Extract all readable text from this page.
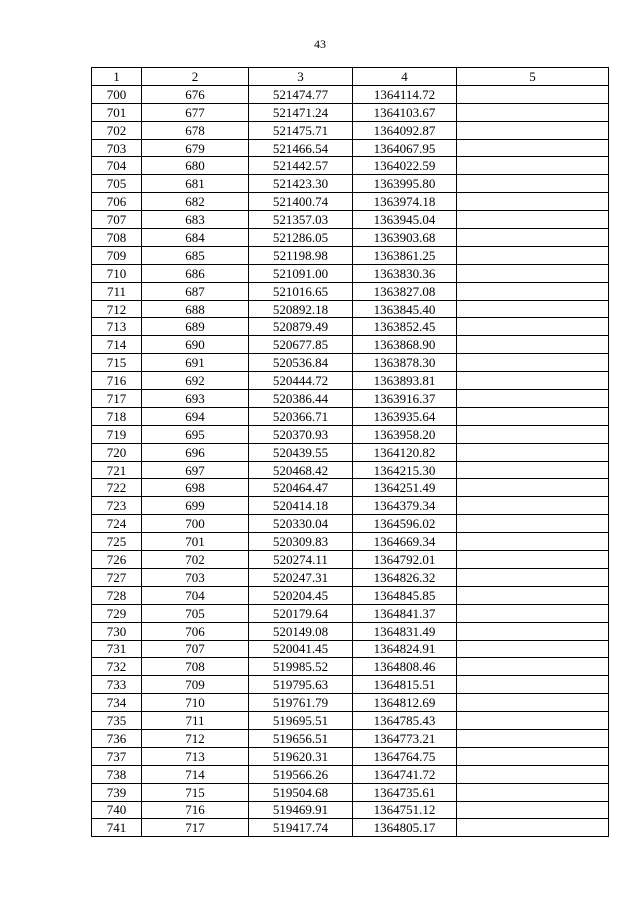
43
1	2	3	4	5
700	676	521474.77	1364114.72	
701	677	521471.24	1364103.67	
702	678	521475.71	1364092.87	
703	679	521466.54	1364067.95	
704	680	521442.57	1364022.59	
705	681	521423.30	1363995.80	
706	682	521400.74	1363974.18	
707	683	521357.03	1363945.04	
708	684	521286.05	1363903.68	
709	685	521198.98	1363861.25	
710	686	521091.00	1363830.36	
711	687	521016.65	1363827.08	
712	688	520892.18	1363845.40	
713	689	520879.49	1363852.45	
714	690	520677.85	1363868.90	
715	691	520536.84	1363878.30	
716	692	520444.72	1363893.81	
717	693	520386.44	1363916.37	
718	694	520366.71	1363935.64	
719	695	520370.93	1363958.20	
720	696	520439.55	1364120.82	
721	697	520468.42	1364215.30	
722	698	520464.47	1364251.49	
723	699	520414.18	1364379.34	
724	700	520330.04	1364596.02	
725	701	520309.83	1364669.34	
726	702	520274.11	1364792.01	
727	703	520247.31	1364826.32	
728	704	520204.45	1364845.85	
729	705	520179.64	1364841.37	
730	706	520149.08	1364831.49	
731	707	520041.45	1364824.91	
732	708	519985.52	1364808.46	
733	709	519795.63	1364815.51	
734	710	519761.79	1364812.69	
735	711	519695.51	1364785.43	
736	712	519656.51	1364773.21	
737	713	519620.31	1364764.75	
738	714	519566.26	1364741.72	
739	715	519504.68	1364735.61	
740	716	519469.91	1364751.12	
741	717	519417.74	1364805.17	
